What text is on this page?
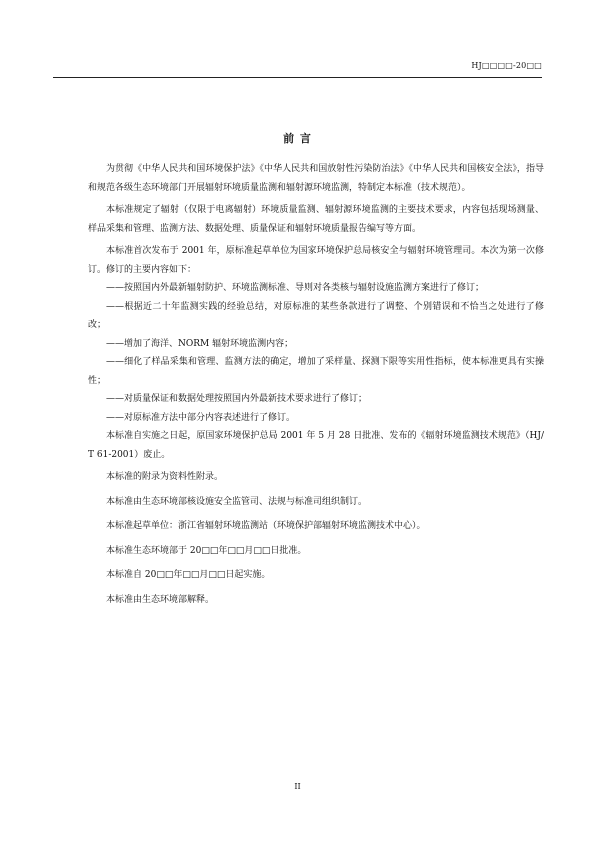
HJ□□□□-20□□
前 言

为贯彻《中华人民共和国环境保护法》《中华人民共和国放射性污染防治法》《中华人民共和国核安全法》，指导和规范各级生态环境部门开展辐射环境质量监测和辐射源环境监测，特制定本标准（技术规范）。

本标准规定了辐射（仅限于电离辐射）环境质量监测、辐射源环境监测的主要技术要求，内容包括现场测量、样品采集和管理、监测方法、数据处理、质量保证和辐射环境质量报告编写等方面。

本标准首次发布于 2001 年，原标准起草单位为国家环境保护总局核安全与辐射环境管理司。本次为第一次修订。修订的主要内容如下：

——按照国内外最新辐射防护、环境监测标准、导则对各类核与辐射设施监测方案进行了修订；

——根据近二十年监测实践的经验总结，对原标准的某些条款进行了调整、个别错误和不恰当之处进行了修改；

——增加了海洋、NORM 辐射环境监测内容；

——细化了样品采集和管理、监测方法的确定，增加了采样量、探测下限等实用性指标，使本标准更具有实操性；

——对质量保证和数据处理按照国内外最新技术要求进行了修订；

——对原标准方法中部分内容表述进行了修订。

本标准自实施之日起，原国家环境保护总局 2001 年 5 月 28 日批准、发布的《辐射环境监测技术规范》（HJ/T 61-2001）废止。

本标准的附录为资料性附录。

本标准由生态环境部核设施安全监管司、法规与标准司组织制订。

本标准起草单位：浙江省辐射环境监测站（环境保护部辐射环境监测技术中心）。

本标准生态环境部于 20□□年□□月□□日批准。

本标准自 20□□年□□月□□日起实施。

本标准由生态环境部解释。

II
